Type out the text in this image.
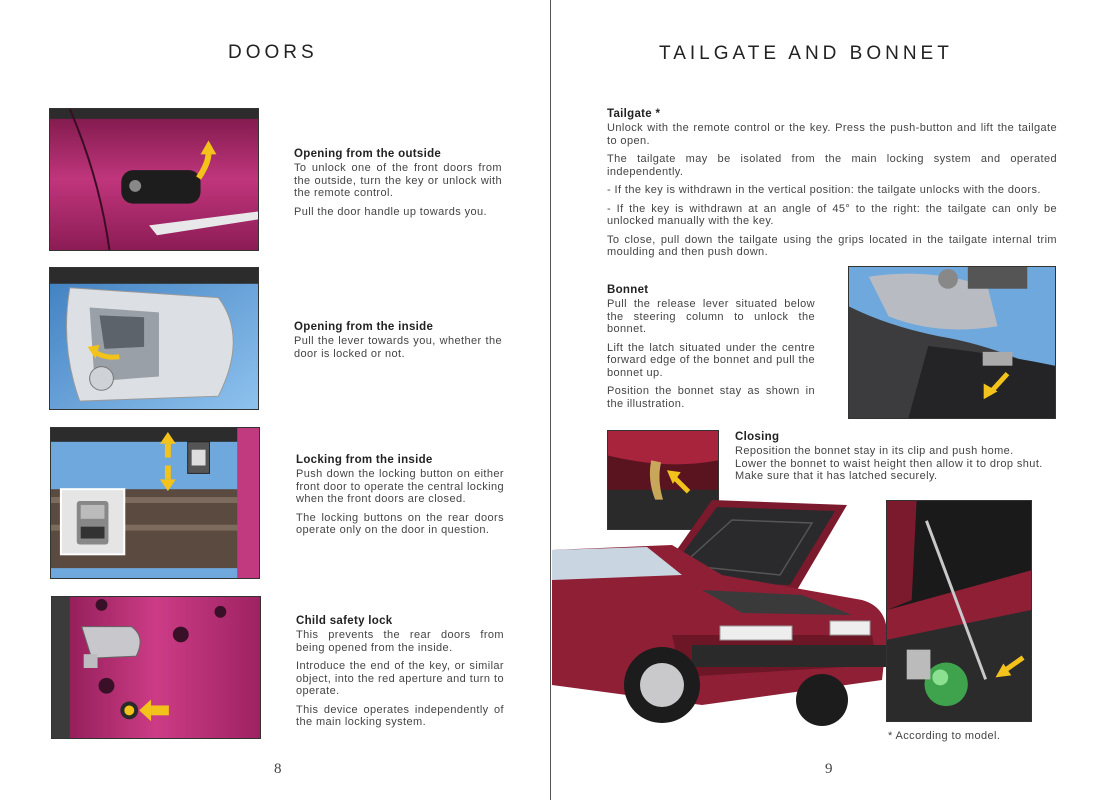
DOORS
Opening from the outside

To unlock one of the front doors from the outside, turn the key or unlock with the remote control.

Pull the door handle up towards you.

Opening from the inside

Pull the lever towards you, whether the door is locked or not.

Locking from the inside

Push down the locking button on either front door to operate the central locking when the front doors are closed.

The locking buttons on the rear doors operate only on the door in question.

Child safety lock

This prevents the rear doors from being opened from the inside.

Introduce the end of the key, or similar object, into the red aperture and turn to operate.

This device operates independently of the main locking system.

8
TAILGATE AND BONNET
Tailgate *

Unlock with the remote control or the key. Press the push-button and lift the tailgate to open.

The tailgate may be isolated from the main locking system and operated independently.

- If the key is withdrawn in the vertical position: the tailgate unlocks with the doors.

- If the key is withdrawn at an angle of 45° to the right: the tailgate can only be unlocked manually with the key.

To close, pull down the tailgate using the grips located in the tailgate internal trim moulding and then push down.

Bonnet

Pull the release lever situated below the steering column to unlock the bonnet.

Lift the latch situated under the centre forward edge of the bonnet and pull the bonnet up.

Position the bonnet stay as shown in the illustration.

Closing

Reposition the bonnet stay in its clip and push home.

Lower the bonnet to waist height then allow it to drop shut.

Make sure that it has latched securely.

* According to model.
9
